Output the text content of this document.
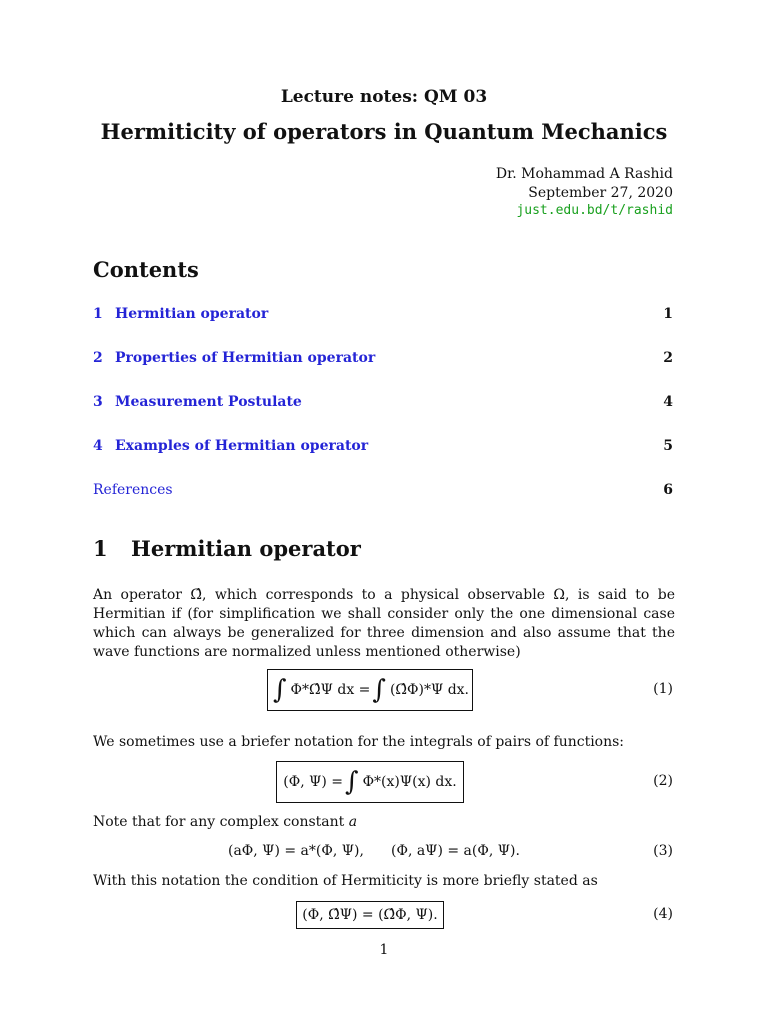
Lecture notes: QM 03
Hermiticity of operators in Quantum Mechanics
Dr. Mohammad A Rashid
September 27, 2020
just.edu.bd/t/rashid
Contents
1 Hermitian operator	1
2 Properties of Hermitian operator	2
3 Measurement Postulate	4
4 Examples of Hermitian operator	5
References	6
1 Hermitian operator
An operator Ω̂, which corresponds to a physical observable Ω, is said to be Hermitian if (for simplification we shall consider only the one dimensional case which can always be generalized for three dimension and also assume that the wave functions are normalized unless mentioned otherwise)
∫ Φ*Ω̂Ψ dx = ∫ (Ω̂Φ)*Ψ dx.	(1)
We sometimes use a briefer notation for the integrals of pairs of functions:
(Φ, Ψ) = ∫ Φ*(x)Ψ(x) dx.	(2)
Note that for any complex constant a
(aΦ, Ψ) = a*(Φ, Ψ), (Φ, aΨ) = a(Φ, Ψ).	(3)
With this notation the condition of Hermiticity is more briefly stated as
(Φ, Ω̂Ψ) = (Ω̂Φ, Ψ).	(4)
1
